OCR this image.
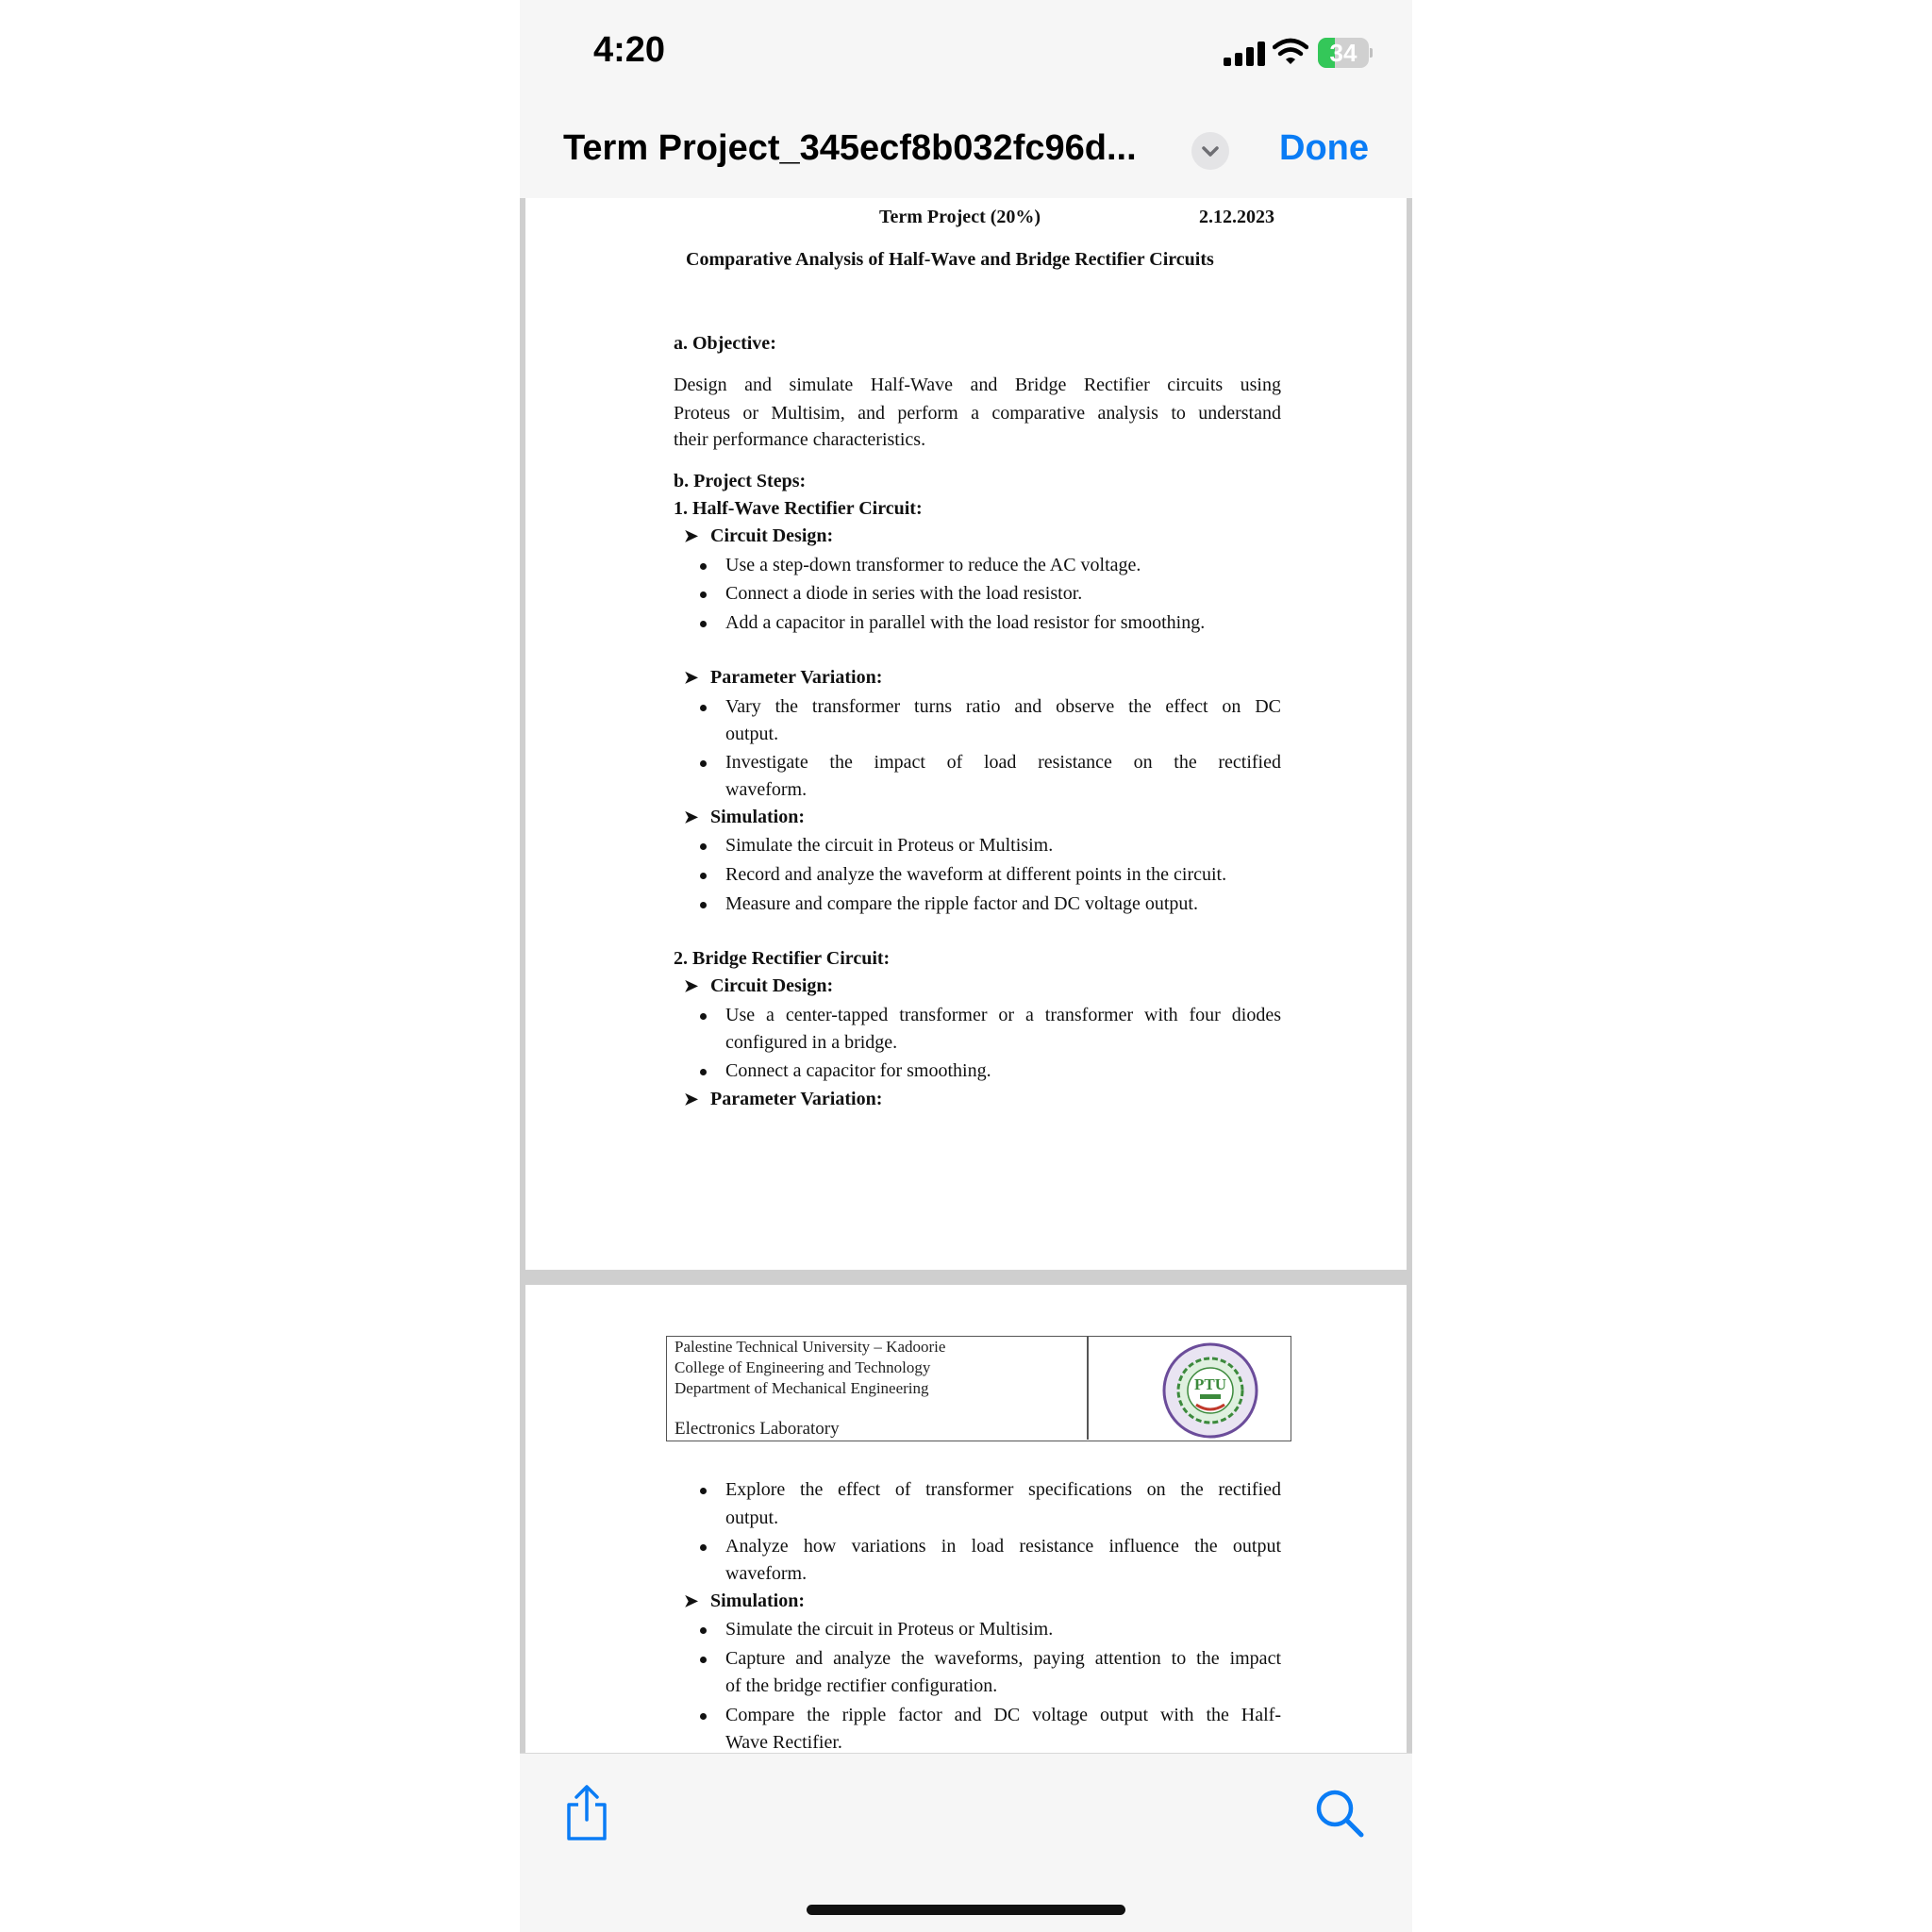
4:20	34
Term Project_345ecf8b032fc96d...	Done
Term Project (20%)	2.12.2023
Comparative Analysis of Half-Wave and Bridge Rectifier Circuits
a. Objective:
Design and simulate Half-Wave and Bridge Rectifier circuits using
Proteus or Multisim, and perform a comparative analysis to understand
their performance characteristics.
b. Project Steps:
1. Half-Wave Rectifier Circuit:
➤ Circuit Design:
Use a step-down transformer to reduce the AC voltage.
Connect a diode in series with the load resistor.
Add a capacitor in parallel with the load resistor for smoothing.
➤ Parameter Variation:
Vary the transformer turns ratio and observe the effect on DC
output.
Investigate the impact of load resistance on the rectified
waveform.
➤ Simulation:
Simulate the circuit in Proteus or Multisim.
Record and analyze the waveform at different points in the circuit.
Measure and compare the ripple factor and DC voltage output.
2. Bridge Rectifier Circuit:
➤ Circuit Design:
Use a center-tapped transformer or a transformer with four diodes
configured in a bridge.
Connect a capacitor for smoothing.
➤ Parameter Variation:
Palestine Technical University – Kadoorie
College of Engineering and Technology
Department of Mechanical Engineering
Electronics Laboratory
PTU
Explore the effect of transformer specifications on the rectified
output.
Analyze how variations in load resistance influence the output
waveform.
➤ Simulation:
Simulate the circuit in Proteus or Multisim.
Capture and analyze the waveforms, paying attention to the impact
of the bridge rectifier configuration.
Compare the ripple factor and DC voltage output with the Half-
Wave Rectifier.
